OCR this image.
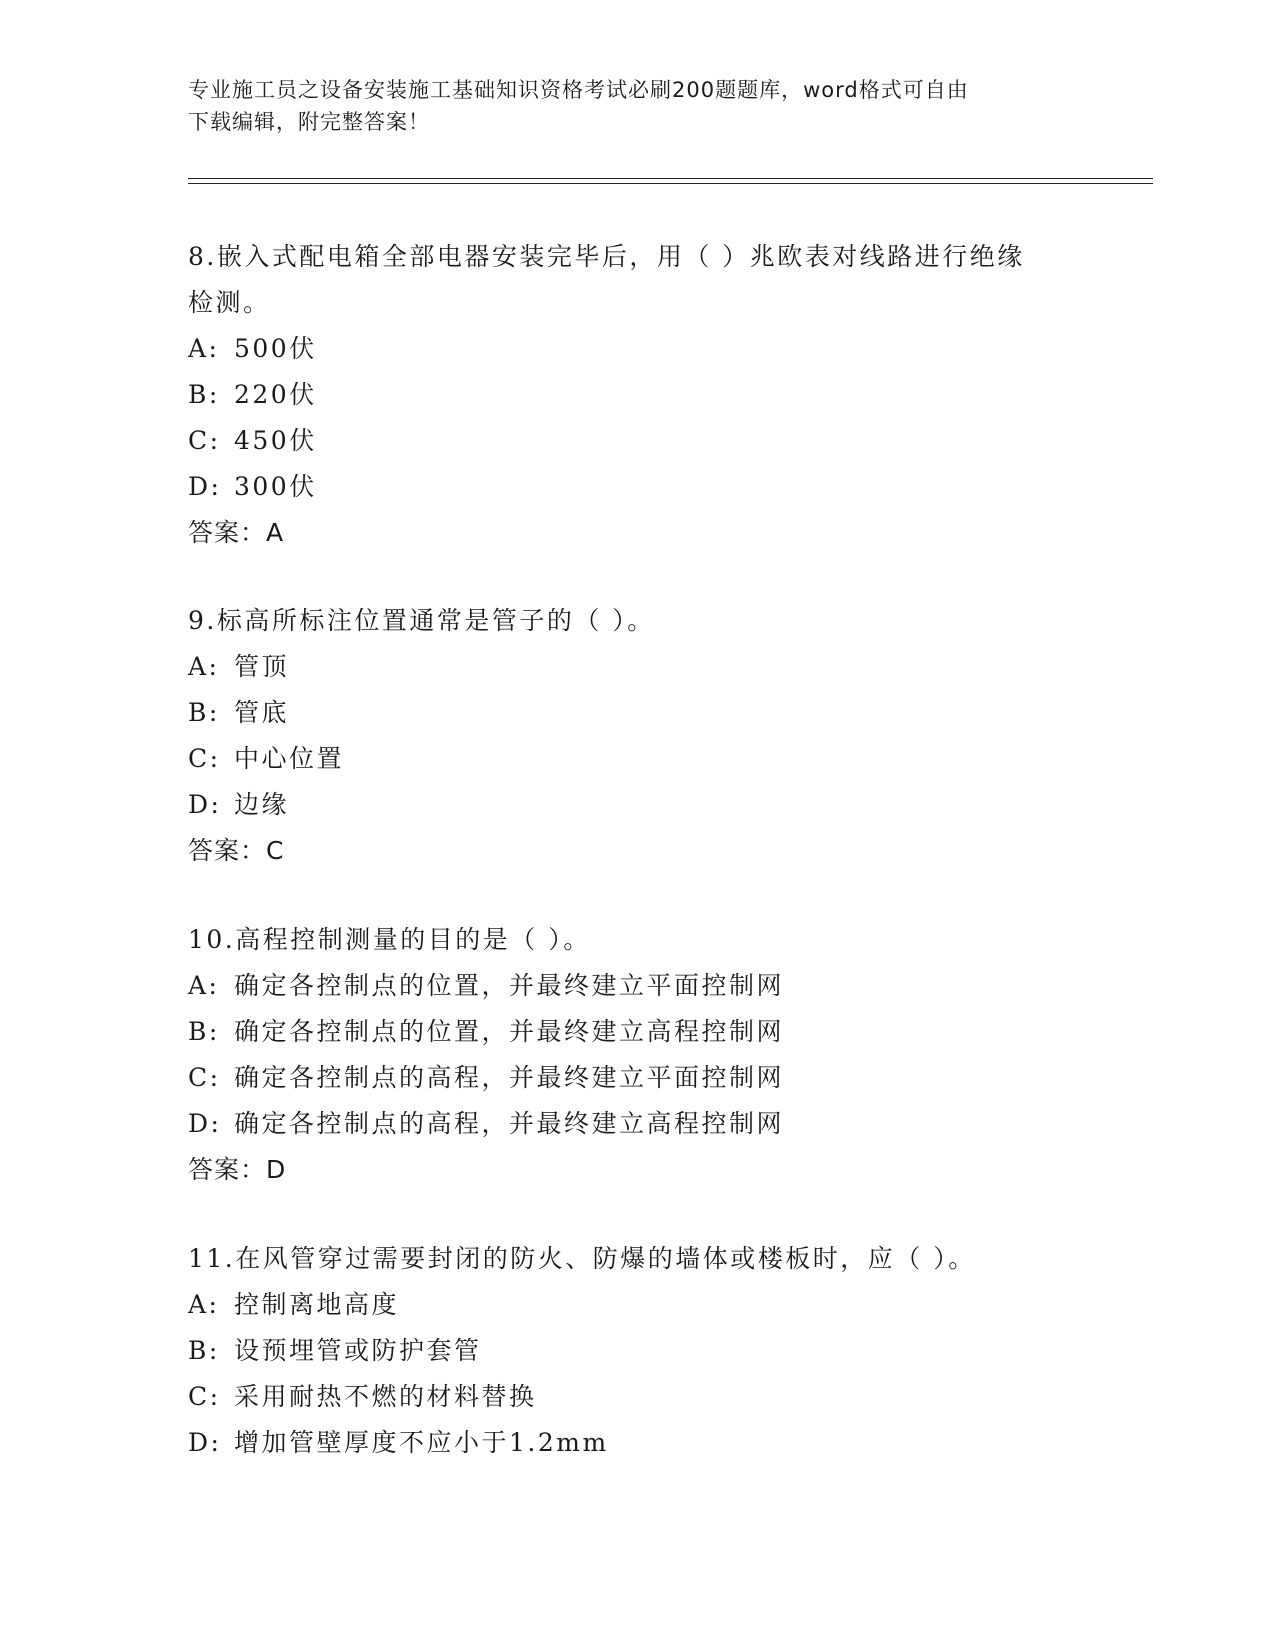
专业施工员之设备安装施工基础知识资格考试必刷200题题库，word格式可自由
下载编辑，附完整答案！

8.嵌入式配电箱全部电器安装完毕后，用（ ）兆欧表对线路进行绝缘
检测。

A: 500伏

B: 220伏

C: 450伏

D: 300伏

答案：A

9.标高所标注位置通常是管子的（ ）。

A: 管顶

B: 管底

C: 中心位置

D: 边缘

答案：C

10.高程控制测量的目的是（ ）。

A: 确定各控制点的位置，并最终建立平面控制网

B: 确定各控制点的位置，并最终建立高程控制网

C: 确定各控制点的高程，并最终建立平面控制网

D: 确定各控制点的高程，并最终建立高程控制网

答案：D

11.在风管穿过需要封闭的防火、防爆的墙体或楼板时，应（ ）。

A: 控制离地高度

B: 设预埋管或防护套管

C: 采用耐热不燃的材料替换

D: 增加管壁厚度不应小于1.2mm
